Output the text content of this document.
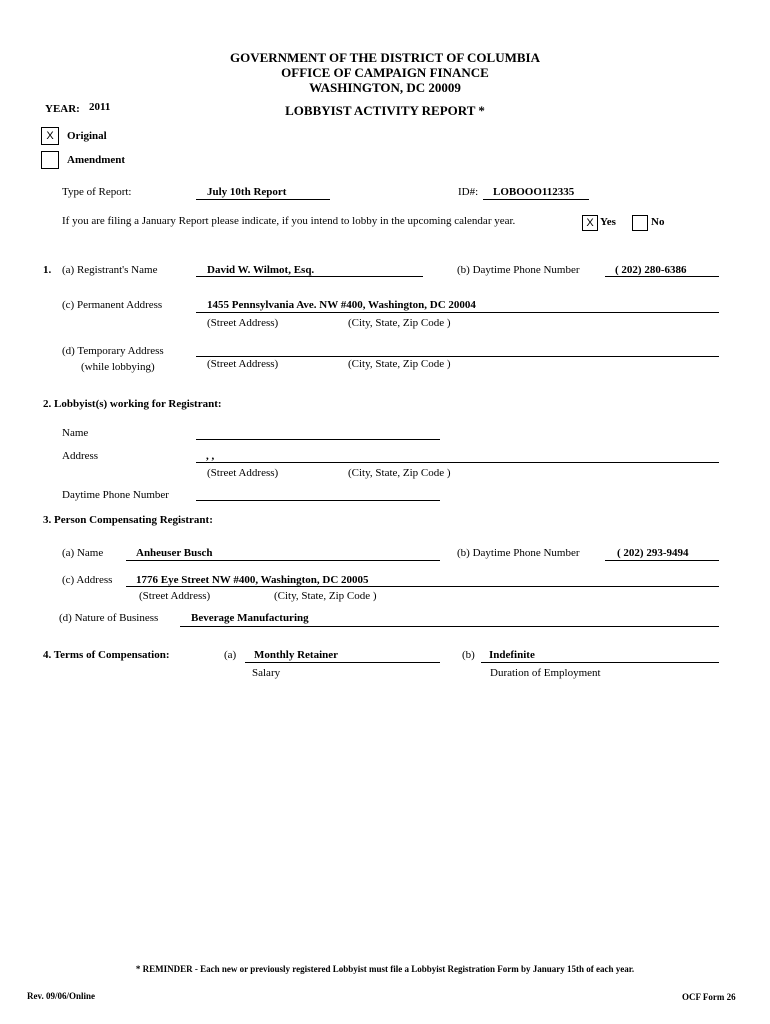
GOVERNMENT OF THE DISTRICT OF COLUMBIA
OFFICE OF CAMPAIGN FINANCE
WASHINGTON, DC 20009
LOBBYIST ACTIVITY REPORT *
YEAR: 2011
X	Original
Amendment
Type of Report:	July 10th Report	ID#: LOBOOO112335
If you are filing a January Report please indicate, if you intend to lobby in the upcoming calendar year.	X Yes	No
1. (a) Registrant's Name	David W. Wilmot, Esq.	(b) Daytime Phone Number	( 202) 280-6386
(c) Permanent Address	1455 Pennsylvania Ave. NW #400, Washington, DC 20004
(Street Address)	(City, State, Zip Code )
(d) Temporary Address
(while lobbying)	(Street Address)	(City, State, Zip Code )
2. Lobbyist(s) working for Registrant:
Name
Address	, ,
(Street Address)	(City, State, Zip Code )
Daytime Phone Number
3. Person Compensating Registrant:
(a) Name	Anheuser Busch	(b) Daytime Phone Number	( 202) 293-9494
(c) Address 1776 Eye Street NW #400, Washington, DC 20005
(Street Address)	(City, State, Zip Code )
(d) Nature of Business	Beverage Manufacturing
4. Terms of Compensation:	(a) Monthly Retainer
Salary
(b) Indefinite
Duration of Employment
* REMINDER - Each new or previously registered Lobbyist must file a Lobbyist Registration Form by January 15th of each year.
Rev. 09/06/Online	OCF Form 26
